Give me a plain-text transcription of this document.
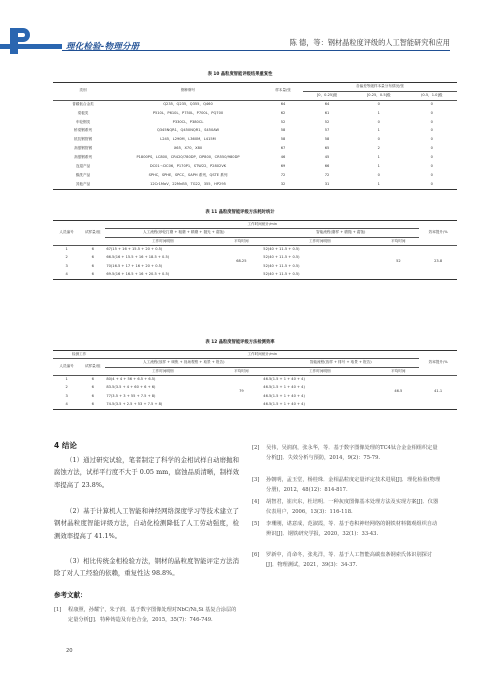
理化检验-物理分册	陈 德，等：钢材晶粒度评级的人工智能研究和应用
表 10 晶粒度智能评级结果重复性
类别	钢种牌号	样本量/张	各偏差等级样本量分布情况/张		
			[0，0.25]级	[0.25，0.5]级	(0.5，1.0]级
普碳低合金类	Q235，Q235，Q355，Q460	64	64	0	0
梁板类	P510L，P610L，P750L，P700L，PQ700	62	61	1	0
车轮钢类	P330CL，P380CL	52	52	0	0
桥梁钢系列	Q345NQR1，Q450NQR1，S450AW	58	57	1	0
抵抗钢管钢	L245，L290M，L360M，L415M	58	58	0	0
高强钢管钢	X65，X70，X80	67	65	2	0
高强钢系列	P1800PS，LC800，CR420/780DP，DP800，CR550/980DP	46	45	1	0
连退产品	DC01～DC06，P170P1，STW22，P2802VK	69	66	1	0
酸洗产品	SPHC，SPHE，SPCC，SAPH 系列，QSTE 系列	72	72	0	0
其他产品	12Cr1MoV，22MnB5，TG22，355，HP295	32	31	1	0
表 11 晶粒度智能评级方法耗时统计
人员编号	试样量/组	工作时间统计/min				效率提升/%
		人工流程(砂轮打磨 + 粗磨 + 精磨 + 抛光 + 腐蚀)		智能流程(磨样 + 磨抛 + 腐蚀)		
		工作时间明细	平均时间	工作时间明细	平均时间	
1	6	67(15 + 16 + 15.5 + 20 + 0.5)	68.25	52(40 + 11.5 + 0.5)	52	23.8
2	6	66.5(16 + 15.5 + 16 + 18.5 + 0.5)		52(40 + 11.5 + 0.5)		
3	6	70(16.5 + 17 + 16 + 20 + 0.5)		52(40 + 11.5 + 0.5)		
4	6	69.5(16 + 16.5 + 16 + 20.5 + 0.5)		52(40 + 11.5 + 0.5)		
表 12 晶粒度智能评级方法检测效率
检测工作		工作时间统计/min				效率提升/%
人员编号	试样量/组	人工流程(放样 + 调焦 + 视场观察 + 取景 + 报告)		智能流程(放样 + 排号 + 取景 + 报告)		
		工作时间明细	平均时间	工作时间明细	平均时间	
1	6	80(4 + 4 + 56 + 6.5 + 6.5)	79	46.5(1.5 + 1 + 40 + 4)	46.5	41.1
2	6	83.5(3.5 + 4 + 60 + 6 + 6)		46.5(1.5 + 1 + 40 + 4)		
3	6	77(3.5 + 3 + 55 + 7.5 + 8)		46.5(1.5 + 1 + 40 + 4)		
4	6	74.5(3.5 + 2.5 + 53 + 7.5 + 8)		46.5(1.5 + 1 + 40 + 4)		
4 结论
（1）通过研究试验，笔者制定了科学的金相试样自动磨抛和腐蚀方法，试样平行度不大于 0.05 mm，腐蚀品质清晰，制样效率提高了 23.8%。
（2）基于计算机人工智能和神经网络深度学习等技术建立了钢材晶粒度智能评级方法，自动化检测降低了人工劳动强度，检测效率提高了 41.1%。
（3）相比传统金相检验方法，钢材的晶粒度智能评定方法消除了对人工经验的依赖，重复性达 98.8%。
参考文献：
[1]	程康照，孙耀宁，朱子润．基于数字图像处理对NbC/Ni,Si 基复合涂层的定量分析[J]．特种铸造及有色合金，2015，35(7)：746-749.
20
[2]	吴伟，吴润润，张永华，等．基于数字图像处理的TC4钛合金金相组织定量分析[J]．失效分析与预防，2014，9(2)：75-79.
[3]	孙朝明，孟玉堂，杨桂珠．金相晶粒度定量评定技术进展[J]．理化检验(物理分册)，2012，48(12)：814-817.
[4]	胡智君，崔庆东，杜培明．一种灰度图像基本处理方法及实现方案[J]．仪器仪表用户，2006，13(3)：116-118.
[5]	李珊刚，谌意成，范淑霞，等．基于卷积神经网络的钢铁材料微观组织自动辨识[J]．钢铁研究学报，2020，32(1)：33-43.
[6]	罗新中，肖命冬，张兆洋，等．基于人工智能高碳盘条钢索氏体识别探讨[J]．物理测试，2021，39(3)：34-37.
